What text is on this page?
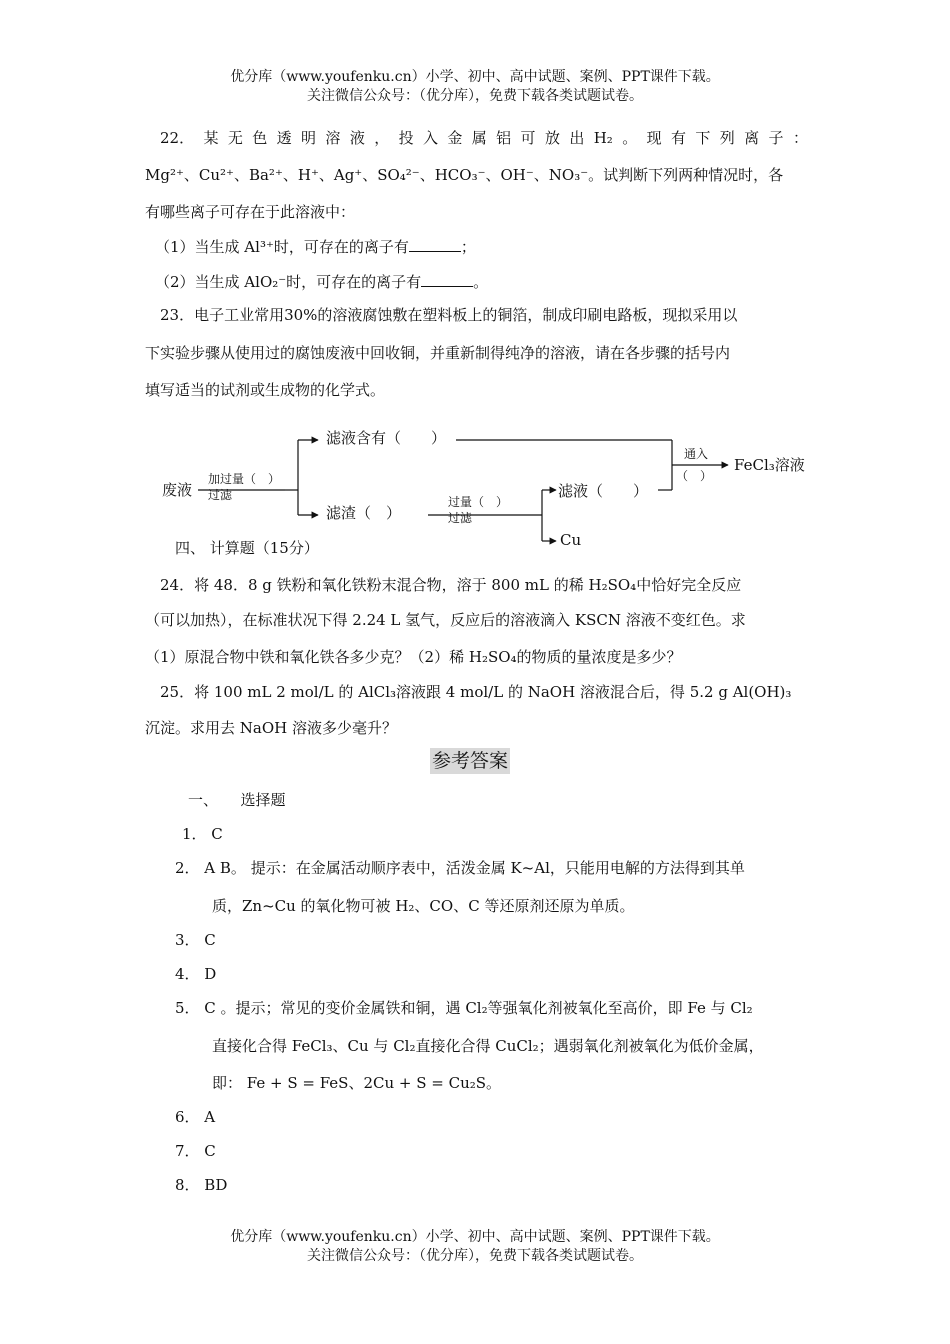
优分库（www.youfenku.cn）小学、初中、高中试题、案例、PPT课件下载。
关注微信公众号：（优分库），免费下载各类试题试卷。
22． 某 无 色 透 明 溶 液 ， 投 入 金 属 铝 可 放 出 H₂ 。 现 有 下 列 离 子 ：
Mg²⁺、Cu²⁺、Ba²⁺、H⁺、Ag⁺、SO₄²⁻、HCO₃⁻、OH⁻、NO₃⁻。试判断下列两种情况时，各
有哪些离子可存在于此溶液中：
（1）当生成 Al³⁺时，可存在的离子有	；
（2）当生成 AlO₂⁻时，可存在的离子有	。
23．电子工业常用30%的溶液腐蚀敷在塑料板上的铜箔，制成印刷电路板，现拟采用以
下实验步骤从使用过的腐蚀废液中回收铜，并重新制得纯净的溶液，请在各步骤的括号内
填写适当的试剂或生成物的化学式。
废液
加过量（　）
过滤
滤液含有（　　）
滤渣（　）
过量（　）
过滤
滤液（　　）
Cu
通入
（　）
FeCl₃溶液
四、 计算题（15分）
24．将 48．8 g 铁粉和氧化铁粉末混合物，溶于 800 mL 的稀 H₂SO₄中恰好完全反应
（可以加热），在标准状况下得 2.24 L 氢气，反应后的溶液滴入 KSCN 溶液不变红色。求
（1）原混合物中铁和氧化铁各多少克？（2）稀 H₂SO₄的物质的量浓度是多少？
25．将 100 mL 2 mol/L 的 AlCl₃溶液跟 4 mol/L 的 NaOH 溶液混合后，得 5.2 g Al(OH)₃
沉淀。求用去 NaOH 溶液多少毫升？
参考答案
一、　　选择题
1． C
2． A B。 提示：在金属活动顺序表中，活泼金属 K~Al，只能用电解的方法得到其单
质，Zn~Cu 的氧化物可被 H₂、CO、C 等还原剂还原为单质。
3． C
4． D
5． C 。提示；常见的变价金属铁和铜，遇 Cl₂等强氧化剂被氧化至高价，即 Fe 与 Cl₂
直接化合得 FeCl₃、Cu 与 Cl₂直接化合得 CuCl₂；遇弱氧化剂被氧化为低价金属，
即： Fe + S = FeS、2Cu + S = Cu₂S。
6． A
7． C
8． BD
优分库（www.youfenku.cn）小学、初中、高中试题、案例、PPT课件下载。
关注微信公众号：（优分库），免费下载各类试题试卷。
